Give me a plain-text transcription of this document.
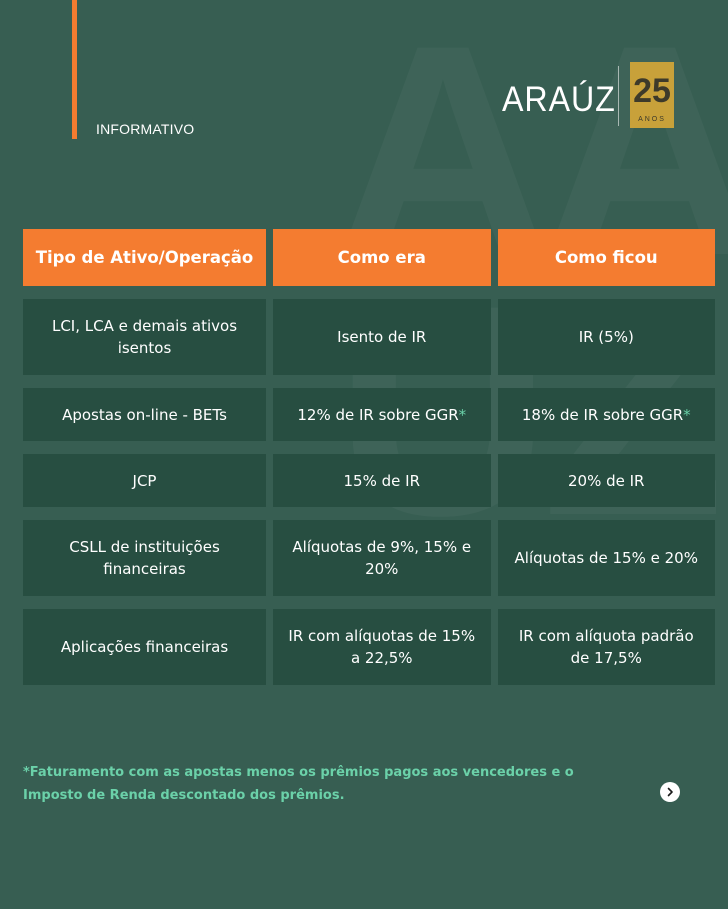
INFORMATIVO
ARAÚZ 25
ANOS
Tipo de Ativo/Operação	Como era	Como ficou
LCI, LCA e demais ativos isentos	Isento de IR	IR (5%)
Apostas on-line - BETs	12% de IR sobre GGR*	18% de IR sobre GGR*
JCP	15% de IR	20% de IR
CSLL de instituições financeiras	Alíquotas de 9%, 15% e 20%	Alíquotas de 15% e 20%
Aplicações financeiras	IR com alíquotas de 15% a 22,5%	IR com alíquota padrão de 17,5%
*Faturamento com as apostas menos os prêmios pagos aos vencedores e o Imposto de Renda descontado dos prêmios.
